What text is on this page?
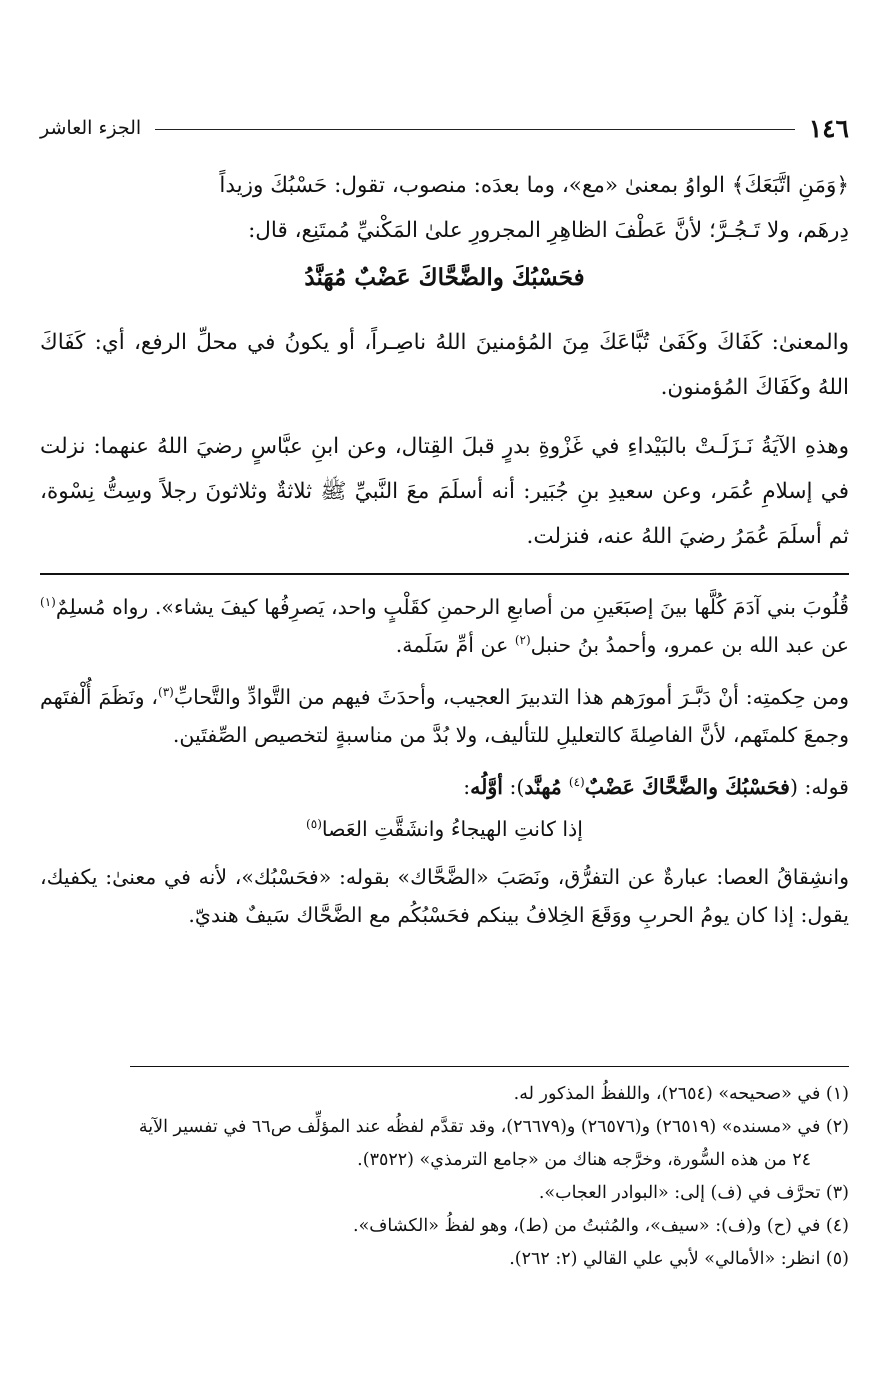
١٤٦
الجزء العاشر

﴿وَمَنِ اتَّبَعَكَ﴾ الواوُ بمعنىٰ «مع»، وما بعدَه: منصوب، تقول: حَسْبُكَ وزيداً

دِرهَم، ولا تَـجُـرَّ؛ لأنَّ عَطْفَ الظاهِرِ المجرورِ علىٰ المَكْنيِّ مُمتَنِع، قال:

فحَسْبُكَ والضَّحَّاكَ عَضْبٌ مُهَنَّدُ

والمعنىٰ: كَفَاكَ وكَفَىٰ تُبَّاعَكَ مِنَ المُؤمنينَ اللهُ ناصِـراً، أو يكونُ في محلِّ الرفع، أي: كَفَاكَ اللهُ وكَفَاكَ المُؤمنون.

وهذهِ الآيَةُ نَـزَلَـتْ بالبَيْداءِ في غَزْوةِ بدرٍ قبلَ القِتال، وعن ابنِ عبَّاسٍ رضيَ اللهُ عنهما: نزلت في إسلامِ عُمَر، وعن سعيدِ بنِ جُبَير: أنه أسلَمَ معَ النَّبيِّ ﷺ ثلاثةٌ وثلاثونَ رجلاً وسِتُّ نِسْوة، ثم أسلَمَ عُمَرُ رضيَ اللهُ عنه، فنزلت.

قُلُوبَ بني آدَمَ كُلَّها بينَ إصبَعَينِ من أصابعِ الرحمنِ كقَلْبٍ واحد، يَصرِفُها كيفَ يشاء». رواه مُسلِمٌ$^{(١)}$ عن عبد الله بن عمرو، وأحمدُ بنُ حنبل$^{(٢)}$ عن أمِّ سَلَمة.

ومن حِكمتِه: أنْ دَبَّـرَ أمورَهم هذا التدبيرَ العجيب، وأحدَثَ فيهم من التَّوادِّ والتَّحابِّ$^{(٣)}$، ونَظَمَ أُلْفتَهم وجمعَ كلمتَهم، لأنَّ الفاصِلةَ كالتعليلِ للتأليف، ولا بُدَّ من مناسبةٍ لتخصيص الصِّفتَين.

قوله: (فحَسْبُكَ والضَّحَّاكَ عَضْبٌ$^{(٤)}$ مُهنَّد): أوَّلُه:

إذا كانتِ الهيجاءُ وانشَقَّتِ العَصا$^{(٥)}$

وانشِقاقُ العصا: عبارةٌ عن التفرُّق، ونَصَبَ «الضَّحَّاك» بقوله: «فحَسْبُك»، لأنه في معنىٰ: يكفيك، يقول: إذا كان يومُ الحربِ ووَقَعَ الخِلافُ بينكم فحَسْبُكُم مع الضَّحَّاك سَيفٌ هنديّ.

(١) في «صحيحه» (٢٦٥٤)، واللفظُ المذكور له.

(٢) في «مسنده» (٢٦٥١٩) و(٢٦٥٧٦) و(٢٦٦٧٩)، وقد تقدَّم لفظُه عند المؤلِّف ص٦٦ في تفسير الآية

٢٤ من هذه السُّورة، وخرَّجه هناك من «جامع الترمذي» (٣٥٢٢).

(٣) تحرَّف في (ف) إلى: «البوادر العجاب».

(٤) في (ح) و(ف): «سيف»، والمُثبتُ من (ط)، وهو لفظُ «الكشاف».

(٥) انظر: «الأمالي» لأبي علي القالي (٢: ٢٦٢).
